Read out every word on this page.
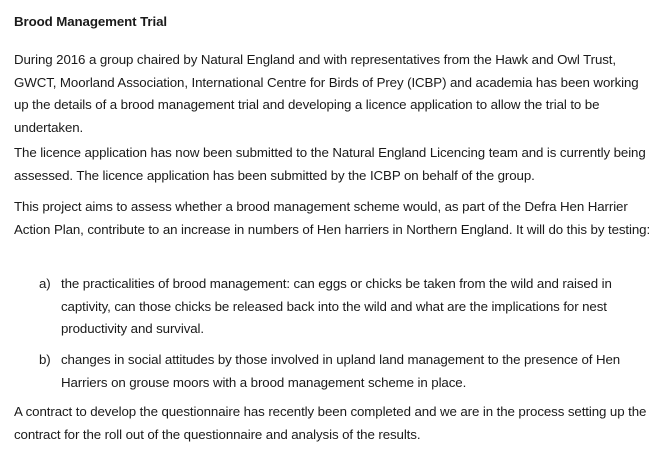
Brood Management Trial
During 2016 a group chaired by Natural England and with representatives from the Hawk and Owl Trust, GWCT, Moorland Association, International Centre for Birds of Prey (ICBP) and academia has been working up the details of a brood management trial and developing a licence application to allow the trial to be undertaken.
The licence application has now been submitted to the Natural England Licencing team and is currently being assessed. The licence application has been submitted by the ICBP on behalf of the group.
This project aims to assess whether a brood management scheme would, as part of the Defra Hen Harrier Action Plan, contribute to an increase in numbers of Hen harriers in Northern England. It will do this by testing:
a) the practicalities of brood management: can eggs or chicks be taken from the wild and raised in captivity, can those chicks be released back into the wild and what are the implications for nest productivity and survival.
b) changes in social attitudes by those involved in upland land management to the presence of Hen Harriers on grouse moors with a brood management scheme in place.
A contract to develop the questionnaire has recently been completed and we are in the process setting up the contract for the roll out of the questionnaire and analysis of the results.
